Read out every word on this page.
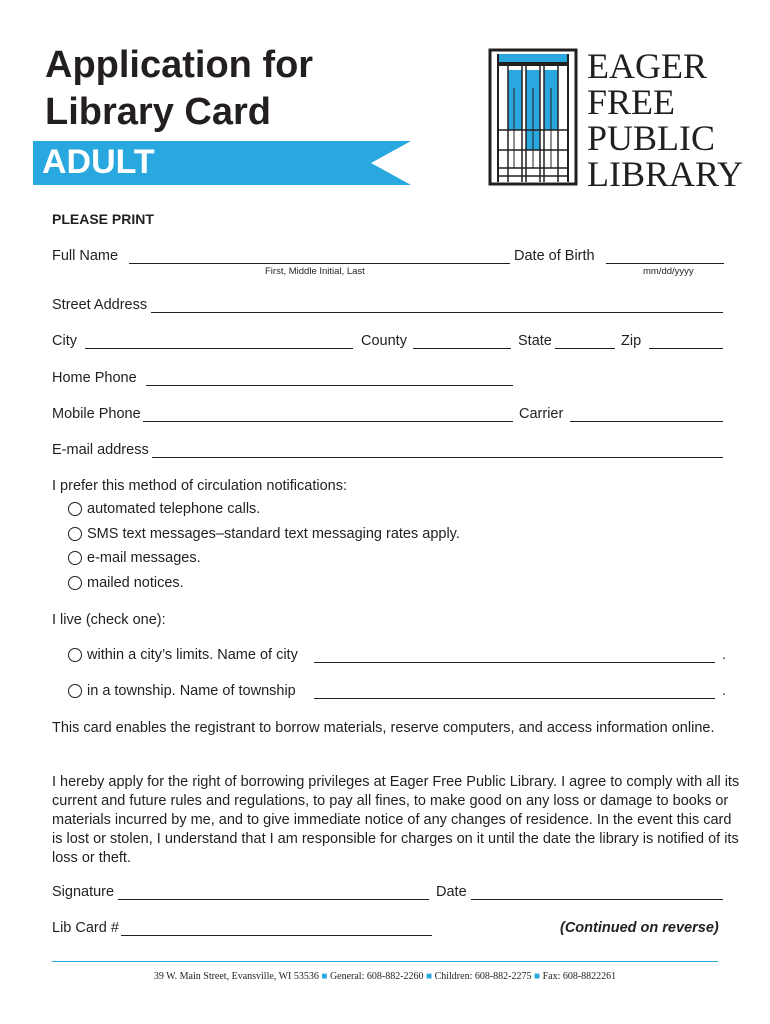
Application for
Library Card
ADULT
EAGER
FREE
PUBLIC
LIBRARY
PLEASE PRINT
Full Name
First, Middle Initial, Last
Date of Birth
mm/dd/yyyy
Street Address
City	County	State	Zip
Home Phone
Mobile Phone	Carrier
E-mail address
I prefer this method of circulation notifications:
automated telephone calls.
SMS text messages–standard text messaging rates apply.
e-mail messages.
mailed notices.
I live (check one):
within a city’s limits. Name of city	.
in a township. Name of township	.
This card enables the registrant to borrow materials, reserve computers, and access information online.
I hereby apply for the right of borrowing privileges at Eager Free Public Library. I agree to comply with all its current and future rules and regulations, to pay all fines, to make good on any loss or damage to books or materials incurred by me, and to give immediate notice of any changes of residence. In the event this card is lost or stolen, I understand that I am responsible for charges on it until the date the library is notified of its loss or theft.
Signature	Date
Lib Card #	(Continued on reverse)
39 W. Main Street, Evansville, WI 53536 ■ General: 608-882-2260 ■ Children: 608-882-2275 ■ Fax: 608-8822261
